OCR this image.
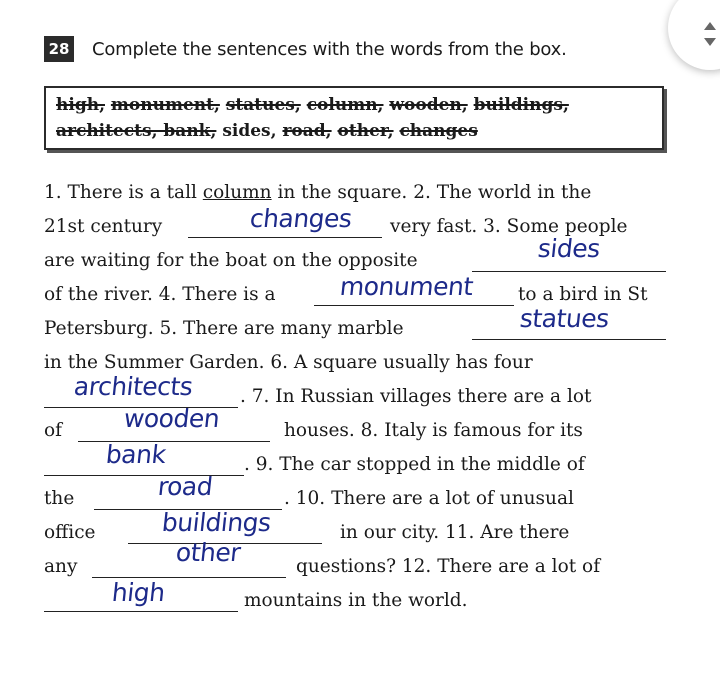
28 Complete the sentences with the words from the box.
high, monument, statues, column, wooden, buildings,
architects, bank, sides, road, other, changes
1. There is a tall column in the square. 2. The world in the
21st century	changes very fast. 3. Some people
are waiting for the boat on the opposite	sides
of the river. 4. There is a	monument to a bird in St
Petersburg. 5. There are many marble	statues
in the Summer Garden. 6. A square usually has four
architects . 7. In Russian villages there are a lot
of wooden	houses. 8. Italy is famous for its
bank	. 9. The car stopped in the middle of
the	road	. 10. There are a lot of unusual
office	buildings	in our city. 11. Are there
any	other	questions? 12. There are a lot of
high	mountains in the world.
